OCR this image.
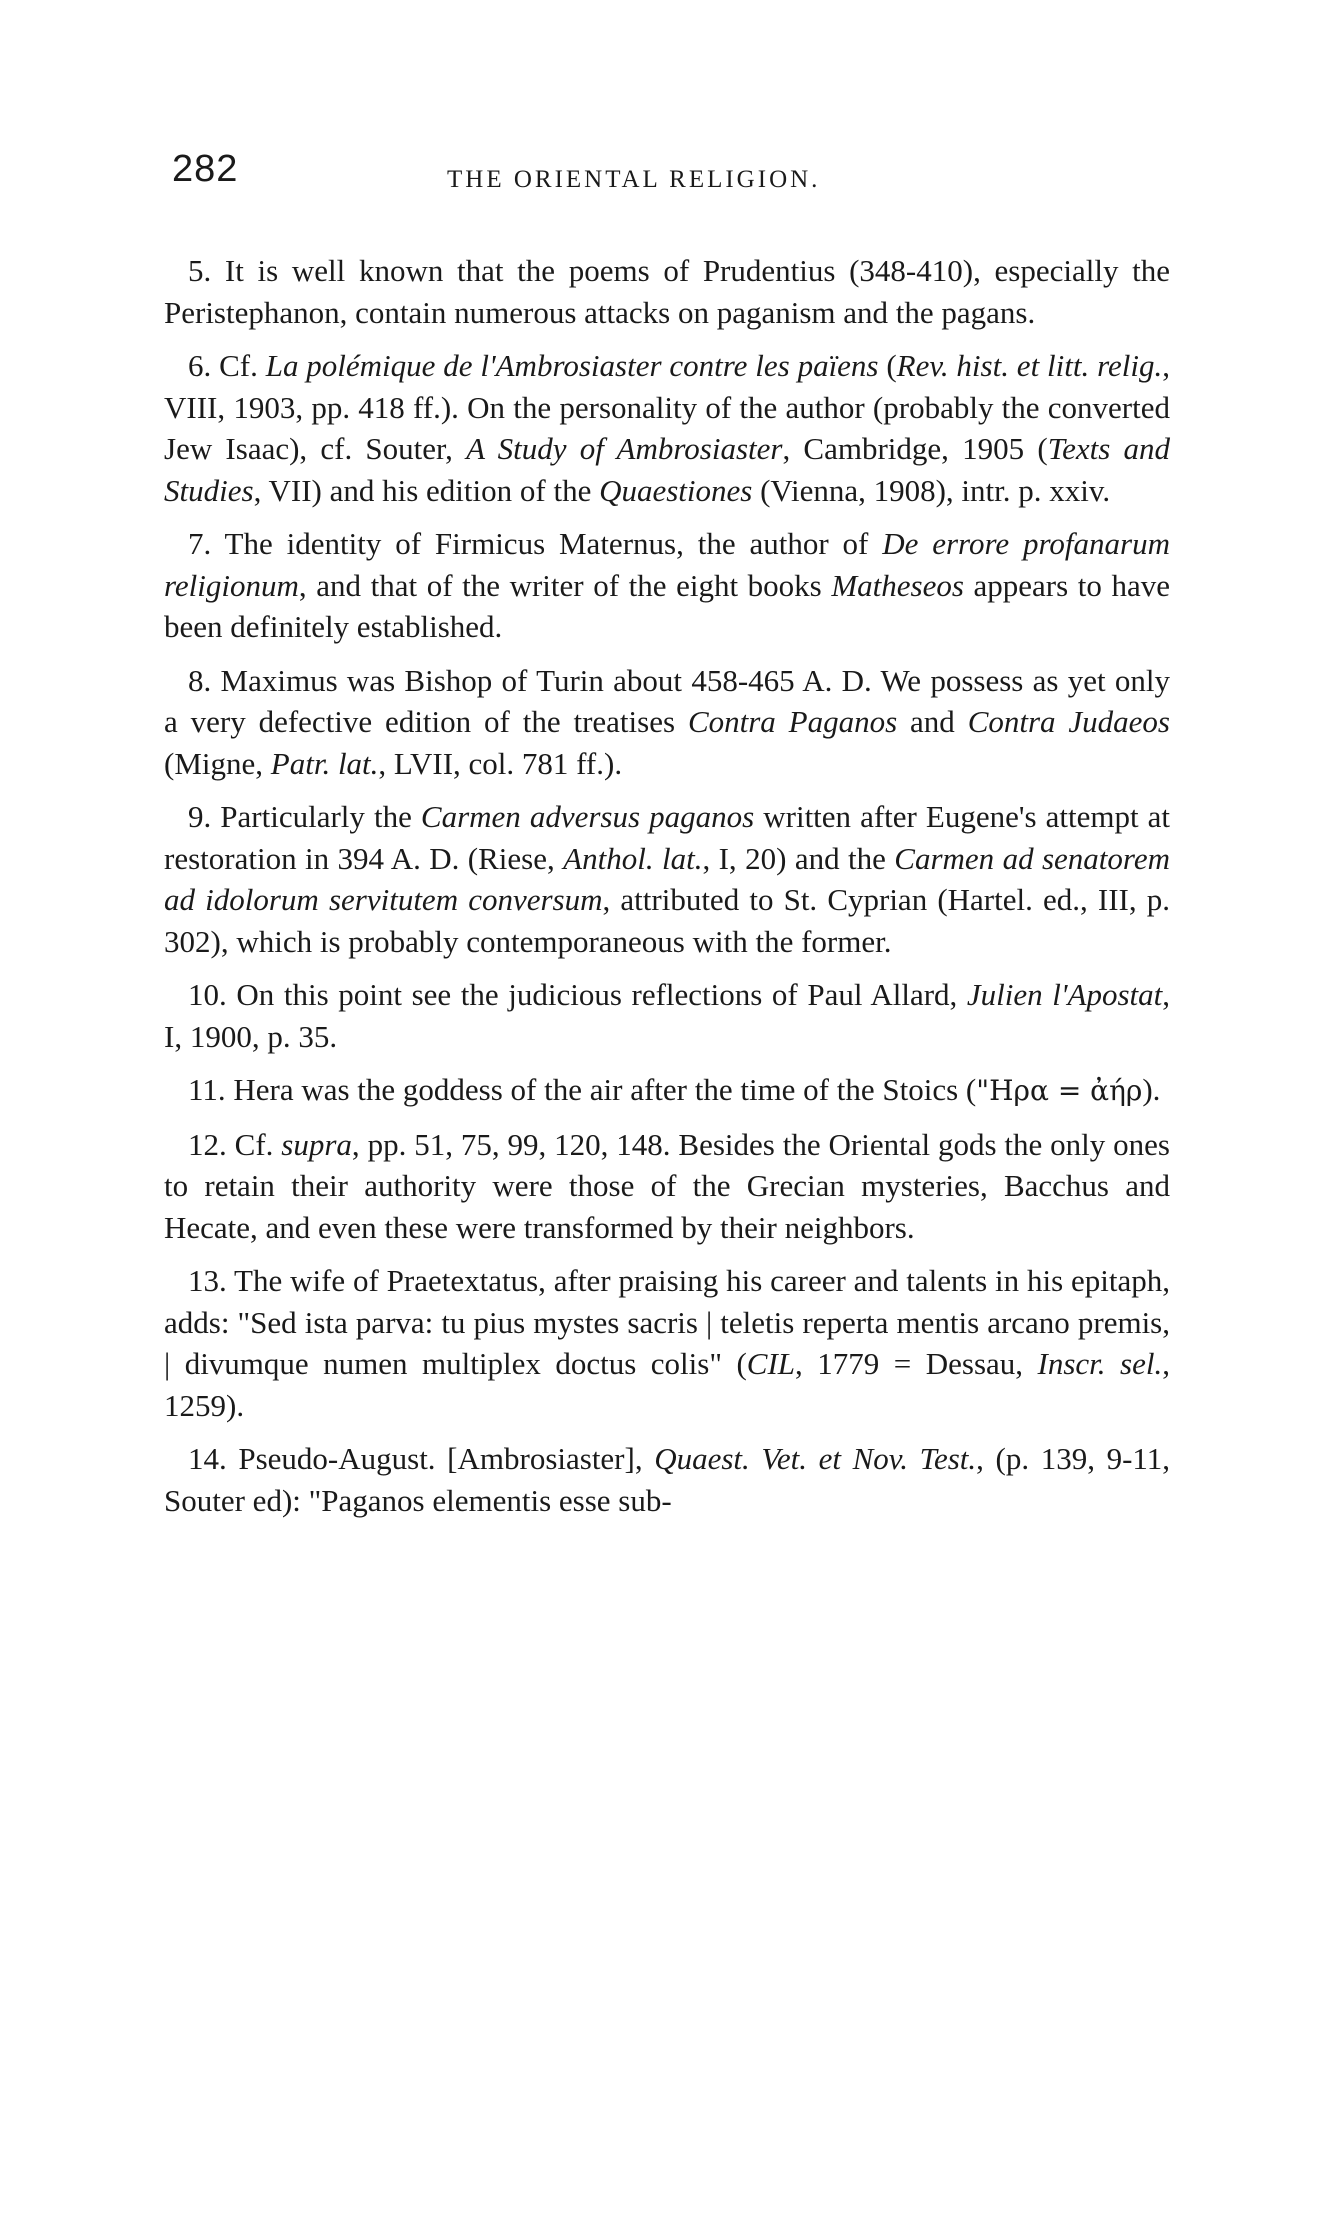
282	THE ORIENTAL RELIGION.

5. It is well known that the poems of Prudentius (348-410), especially the Peristephanon, contain numerous attacks on paganism and the pagans.

6. Cf. La polémique de l'Ambrosiaster contre les païens (Rev. hist. et litt. relig., VIII, 1903, pp. 418 ff.). On the personality of the author (probably the converted Jew Isaac), cf. Souter, A Study of Ambrosiaster, Cambridge, 1905 (Texts and Studies, VII) and his edition of the Quaestiones (Vienna, 1908), intr. p. xxiv.

7. The identity of Firmicus Maternus, the author of De errore profanarum religionum, and that of the writer of the eight books Matheseos appears to have been definitely established.

8. Maximus was Bishop of Turin about 458-465 A. D. We possess as yet only a very defective edition of the treatises Contra Paganos and Contra Judaeos (Migne, Patr. lat., LVII, col. 781 ff.).

9. Particularly the Carmen adversus paganos written after Eugene's attempt at restoration in 394 A. D. (Riese, Anthol. lat., I, 20) and the Carmen ad senatorem ad idolorum servitutem conversum, attributed to St. Cyprian (Hartel. ed., III, p. 302), which is probably contemporaneous with the former.

10. On this point see the judicious reflections of Paul Allard, Julien l'Apostat, I, 1900, p. 35.

11. Hera was the goddess of the air after the time of the Stoics ("Ηρα = ἀήρ).

12. Cf. supra, pp. 51, 75, 99, 120, 148. Besides the Oriental gods the only ones to retain their authority were those of the Grecian mysteries, Bacchus and Hecate, and even these were transformed by their neighbors.

13. The wife of Praetextatus, after praising his career and talents in his epitaph, adds: "Sed ista parva: tu pius mystes sacris | teletis reperta mentis arcano premis, | divumque numen multiplex doctus colis" (CIL, 1779 = Dessau, Inscr. sel., 1259).

14. Pseudo-August. [Ambrosiaster], Quaest. Vet. et Nov. Test., (p. 139, 9-11, Souter ed): "Paganos elementis esse sub-
